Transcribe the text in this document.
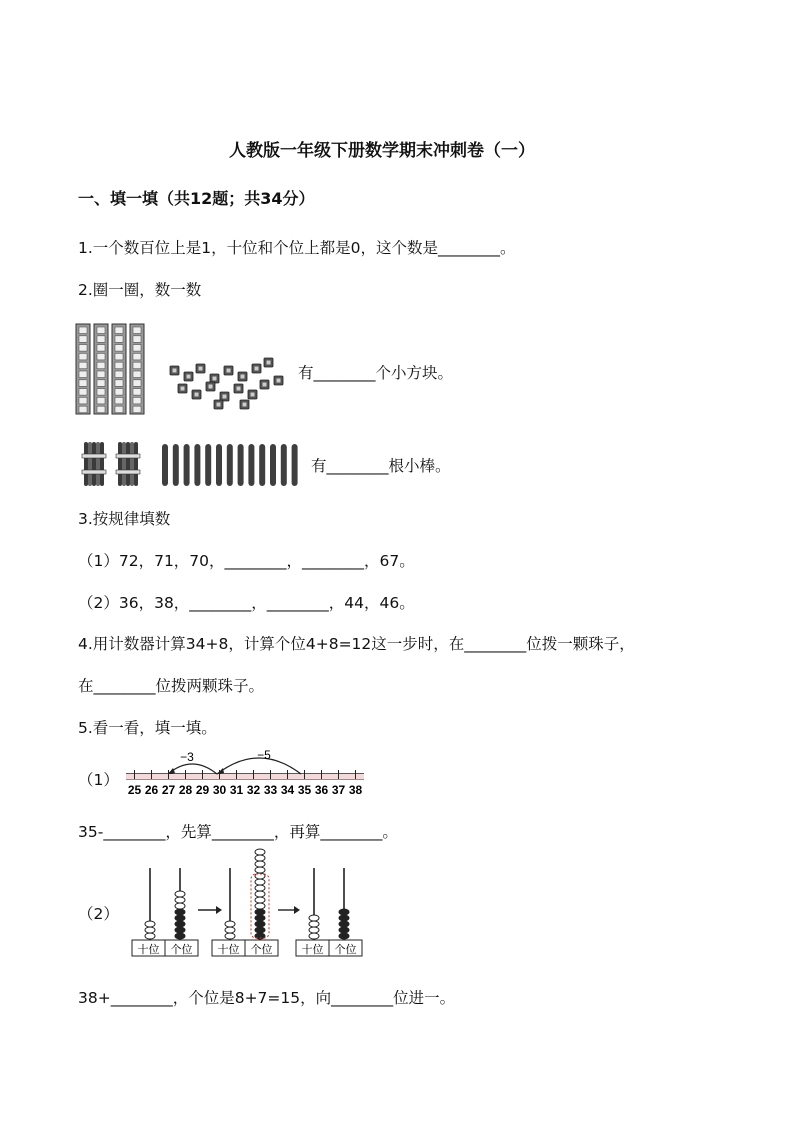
人教版一年级下册数学期末冲刺卷（一）
一、填一填（共12题；共34分）
1.一个数百位上是1，十位和个位上都是0，这个数是________。
2.圈一圈，数一数
有________个小方块。
有________根小棒。
3.按规律填数
（1）72，71，70，________，________，67。
（2）36，38，________，________，44，46。
4.用计数器计算34+8，计算个位4+8=12这一步时，在________位拨一颗珠子，
在________位拨两颗珠子。
5.看一看，填一填。
（1）
25 26 27 28 29 30 31 32 33 34 35 36 37 38
−3	−5
35-________，先算________，再算________。
（2）
十位 个位 十位 个位	十位 个位
38+________，个位是8+7=15，向________位进一。
